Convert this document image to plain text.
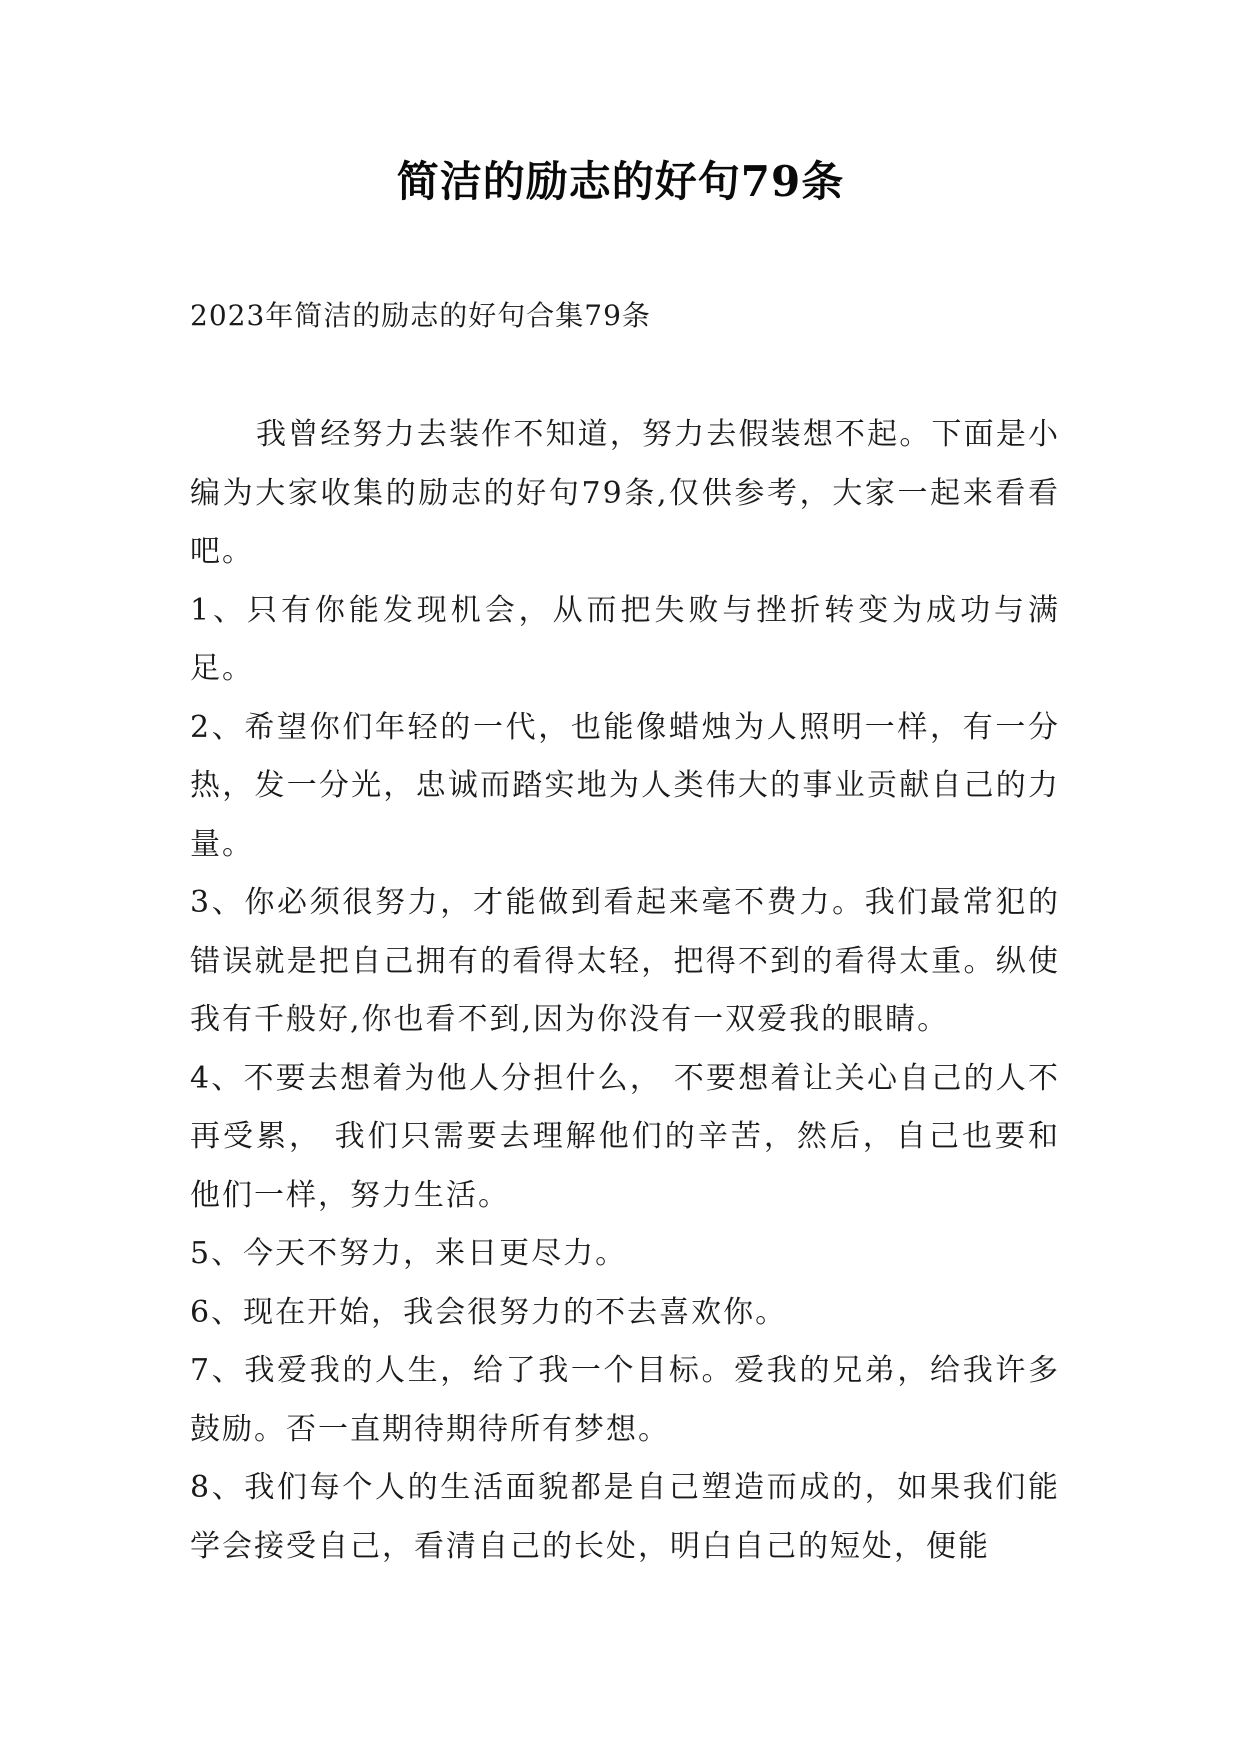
简洁的励志的好句79条
2023年简洁的励志的好句合集79条

我曾经努力去装作不知道，努力去假装想不起。下面是小编为大家收集的励志的好句79条,仅供参考，大家一起来看看吧。

1、只有你能发现机会，从而把失败与挫折转变为成功与满足。

2、希望你们年轻的一代，也能像蜡烛为人照明一样，有一分热，发一分光，忠诚而踏实地为人类伟大的事业贡献自己的力量。

3、你必须很努力，才能做到看起来毫不费力。我们最常犯的错误就是把自己拥有的看得太轻，把得不到的看得太重。纵使我有千般好,你也看不到,因为你没有一双爱我的眼睛。

4、不要去想着为他人分担什么， 不要想着让关心自己的人不再受累， 我们只需要去理解他们的辛苦，然后，自己也要和他们一样，努力生活。

5、今天不努力，来日更尽力。

6、现在开始，我会很努力的不去喜欢你。

7、我爱我的人生，给了我一个目标。爱我的兄弟，给我许多鼓励。否一直期待期待所有梦想。

8、我们每个人的生活面貌都是自己塑造而成的，如果我们能学会接受自己，看清自己的长处，明白自己的短处，便能
